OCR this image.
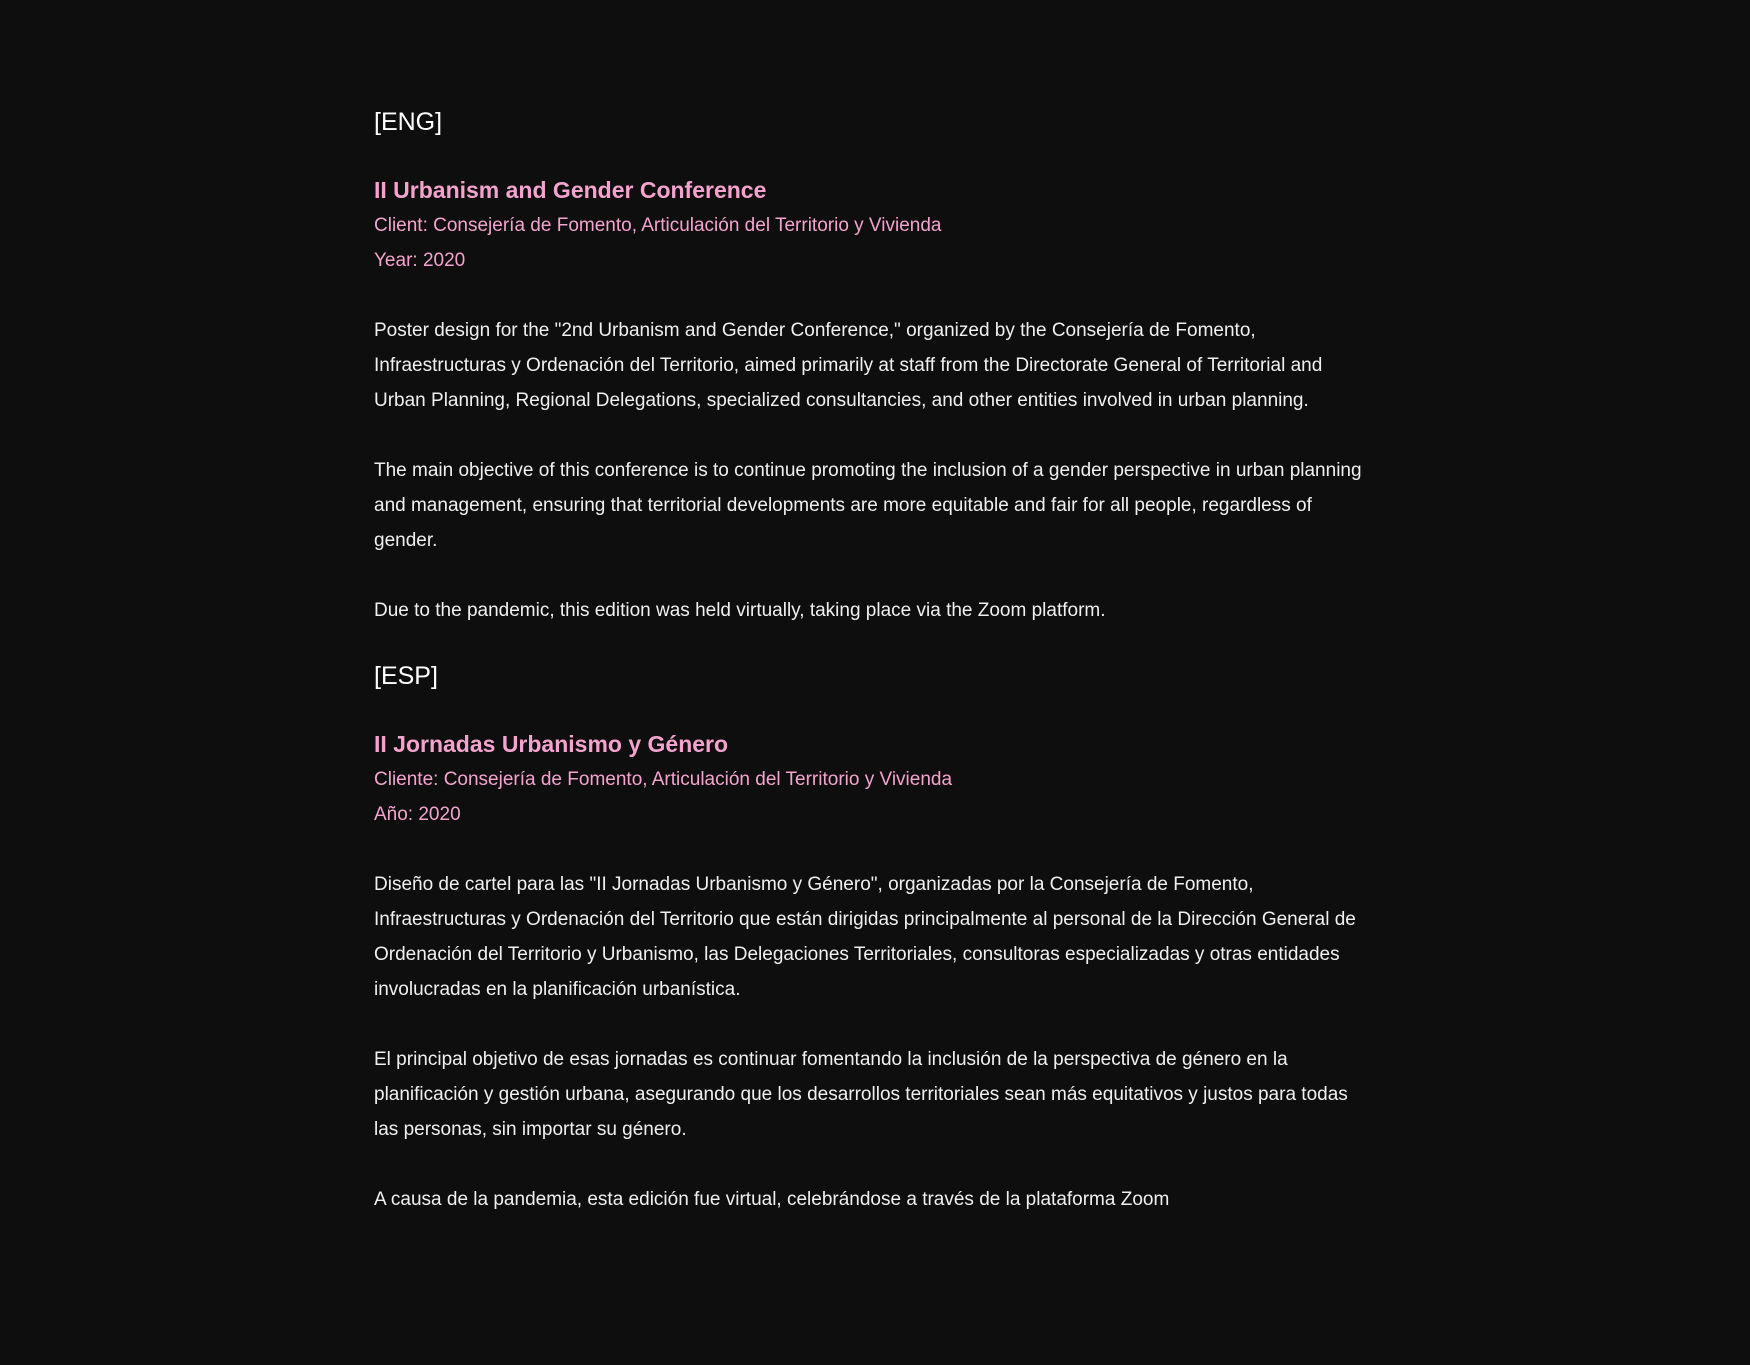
[ENG]

II Urbanism and Gender Conference

Client: Consejería de Fomento, Articulación del Territorio y Vivienda

Year: 2020

Poster design for the "2nd Urbanism and Gender Conference," organized by the Consejería de Fomento, Infraestructuras y Ordenación del Territorio, aimed primarily at staff from the Directorate General of Territorial and Urban Planning, Regional Delegations, specialized consultancies, and other entities involved in urban planning.

The main objective of this conference is to continue promoting the inclusion of a gender perspective in urban planning and management, ensuring that territorial developments are more equitable and fair for all people, regardless of gender.

Due to the pandemic, this edition was held virtually, taking place via the Zoom platform.

[ESP]

II Jornadas Urbanismo y Género

Cliente: Consejería de Fomento, Articulación del Territorio y Vivienda

Año: 2020

Diseño de cartel para las "II Jornadas Urbanismo y Género", organizadas por la Consejería de Fomento, Infraestructuras y Ordenación del Territorio que están dirigidas principalmente al personal de la Dirección General de Ordenación del Territorio y Urbanismo, las Delegaciones Territoriales, consultoras especializadas y otras entidades involucradas en la planificación urbanística.

El principal objetivo de esas jornadas es continuar fomentando la inclusión de la perspectiva de género en la planificación y gestión urbana, asegurando que los desarrollos territoriales sean más equitativos y justos para todas las personas, sin importar su género.

A causa de la pandemia, esta edición fue virtual, celebrándose a través de la plataforma Zoom
